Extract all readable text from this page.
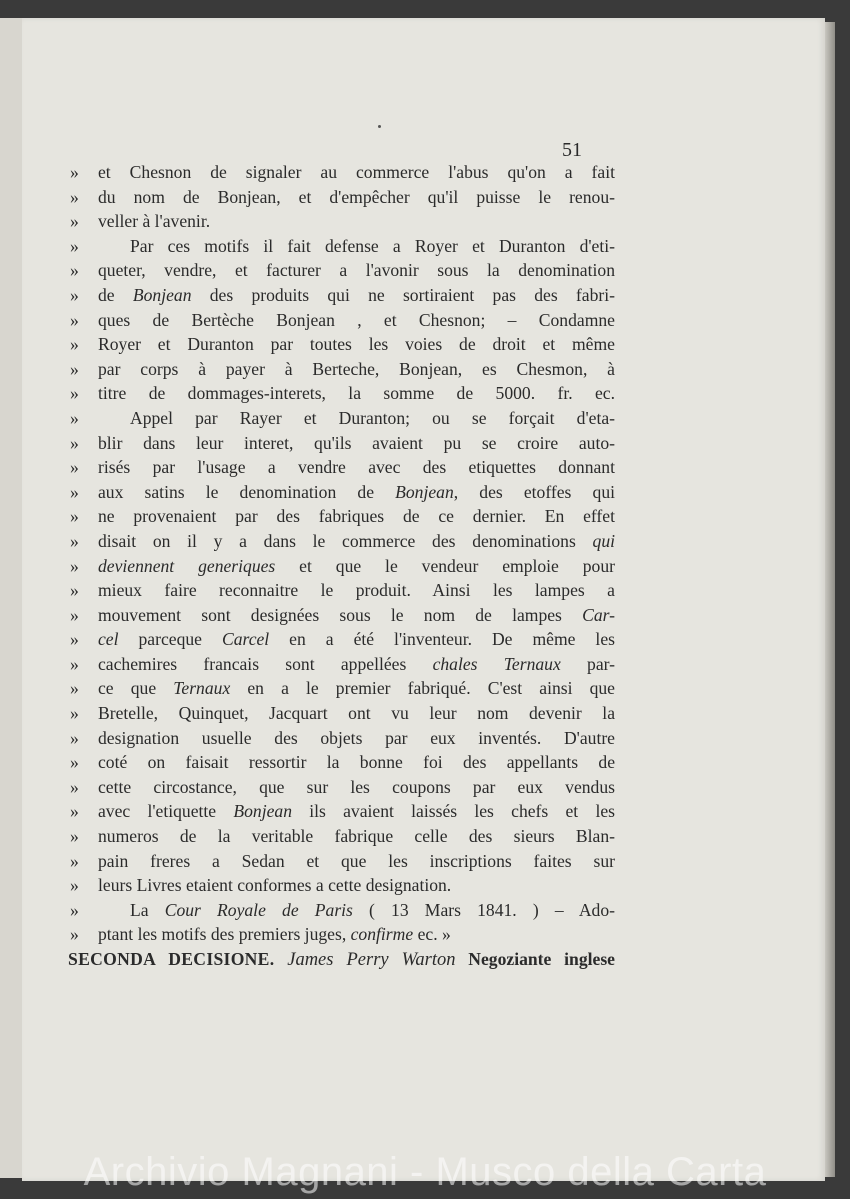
51
»et Chesnon de signaler au commerce l'abus qu'on a fait
»du nom de Bonjean, et d'empêcher qu'il puisse le renou-
»veller à l'avenir.
»	Par ces motifs il fait defense a Royer et Duranton d'eti-
»queter, vendre, et facturer a l'avonir sous la denomination
»de Bonjean des produits qui ne sortiraient pas des fabri-
»ques de Bertèche Bonjean , et Chesnon; – Condamne
»Royer et Duranton par toutes les voies de droit et même
»par corps à payer à Berteche, Bonjean, es Chesmon, à
»titre de dommages-interets, la somme de 5000. fr. ec.
»	Appel par Rayer et Duranton; ou se forçait d'eta-
»blir dans leur interet, qu'ils avaient pu se croire auto-
»risés par l'usage a vendre avec des etiquettes donnant
»aux satins le denomination de Bonjean, des etoffes qui
»ne provenaient par des fabriques de ce dernier. En effet
»disait on il y a dans le commerce des denominations qui
»deviennent generiques et que le vendeur emploie pour
»mieux faire reconnaitre le produit. Ainsi les lampes a
»mouvement sont designées sous le nom de lampes Car-
»cel parceque Carcel en a été l'inventeur. De même les
»cachemires francais sont appellées chales Ternaux par-
»ce que Ternaux en a le premier fabriqué. C'est ainsi que
»Bretelle, Quinquet, Jacquart ont vu leur nom devenir la
»designation usuelle des objets par eux inventés. D'autre
»coté on faisait ressortir la bonne foi des appellants de
»cette circostance, que sur les coupons par eux vendus
»avec l'etiquette Bonjean ils avaient laissés les chefs et les
»numeros de la veritable fabrique celle des sieurs Blan-
»pain freres a Sedan et que les inscriptions faites sur
»leurs Livres etaient conformes a cette designation.
»	La Cour Royale de Paris ( 13 Mars 1841. ) – Ado-
»ptant les motifs des premiers juges, confirme ec. »
SECONDA DECISIONE. James Perry Warton Negoziante inglese
Archivio Magnani - Musco della Carta
